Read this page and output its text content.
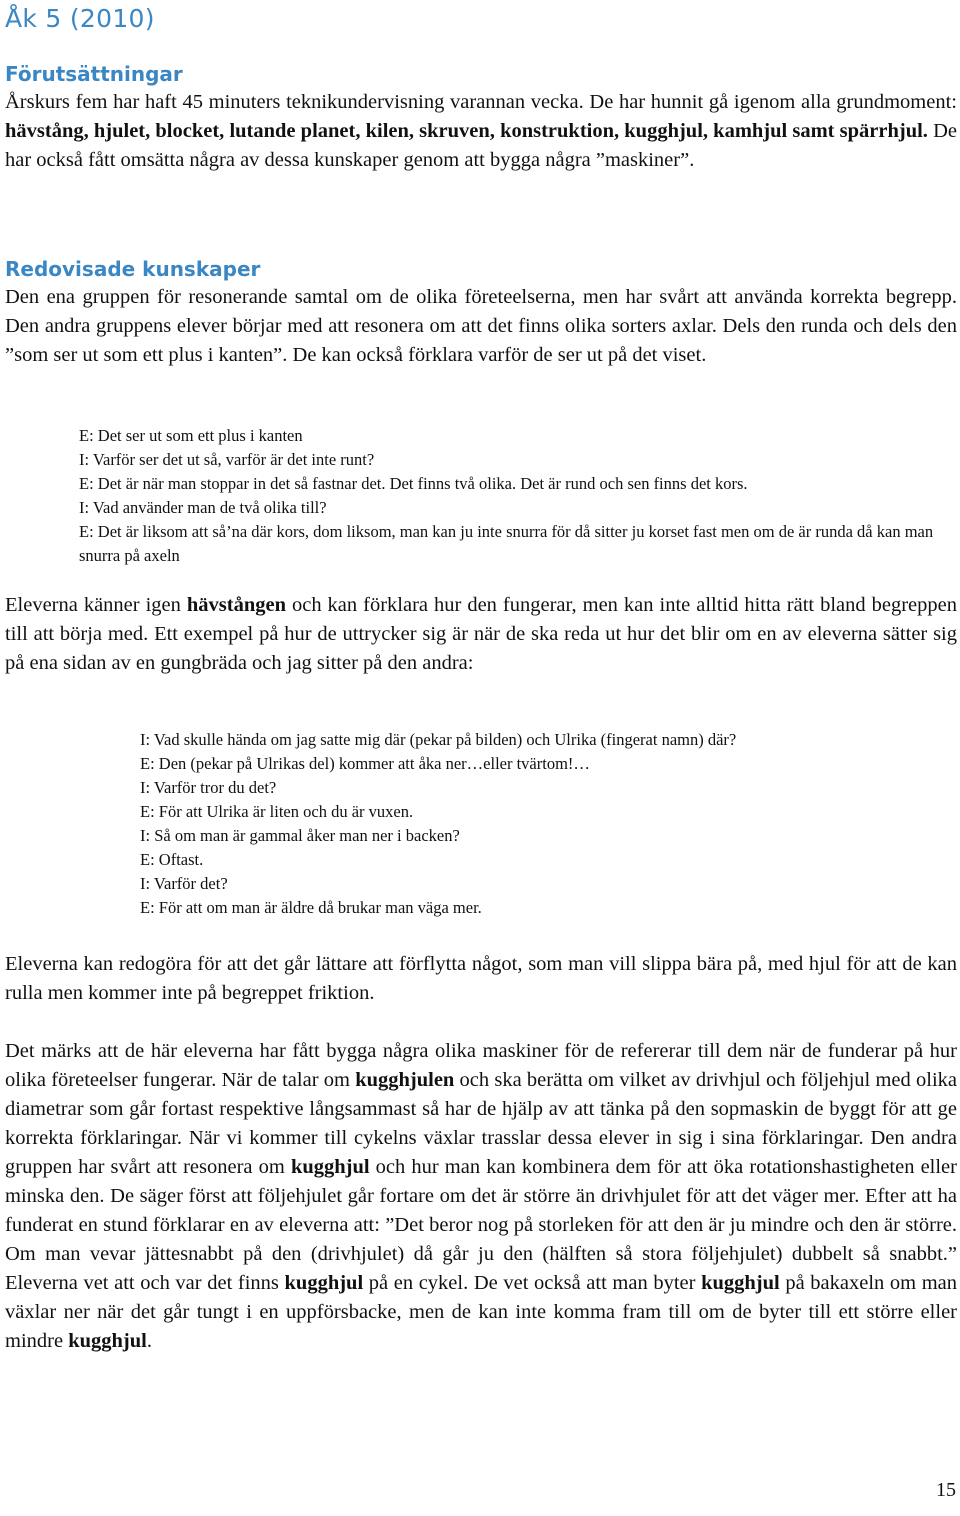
Åk 5 (2010)
Förutsättningar

Årskurs fem har haft 45 minuters teknikundervisning varannan vecka. De har hunnit gå igenom alla grundmoment: hävstång, hjulet, blocket, lutande planet, kilen, skruven, konstruktion, kugghjul, kamhjul samt spärrhjul. De har också fått omsätta några av dessa kunskaper genom att bygga några ”maskiner”.

Redovisade kunskaper

Den ena gruppen för resonerande samtal om de olika företeelserna, men har svårt att använda korrekta begrepp. Den andra gruppens elever börjar med att resonera om att det finns olika sorters axlar. Dels den runda och dels den ”som ser ut som ett plus i kanten”. De kan också förklara varför de ser ut på det viset.

E: Det ser ut som ett plus i kanten
I: Varför ser det ut så, varför är det inte runt?
E: Det är när man stoppar in det så fastnar det. Det finns två olika. Det är rund och sen finns det kors.
I: Vad använder man de två olika till?
E: Det är liksom att så’na där kors, dom liksom, man kan ju inte snurra för då sitter ju korset fast men om de är runda då kan man snurra på axeln

Eleverna känner igen hävstången och kan förklara hur den fungerar, men kan inte alltid hitta rätt bland begreppen till att börja med. Ett exempel på hur de uttrycker sig är när de ska reda ut hur det blir om en av eleverna sätter sig på ena sidan av en gungbräda och jag sitter på den andra:

I: Vad skulle hända om jag satte mig där (pekar på bilden) och Ulrika (fingerat namn) där?
E: Den (pekar på Ulrikas del) kommer att åka ner…eller tvärtom!…
I: Varför tror du det?
E: För att Ulrika är liten och du är vuxen.
I: Så om man är gammal åker man ner i backen?
E: Oftast.
I: Varför det?
E: För att om man är äldre då brukar man väga mer.

Eleverna kan redogöra för att det går lättare att förflytta något, som man vill slippa bära på, med hjul för att de kan rulla men kommer inte på begreppet friktion.

Det märks att de här eleverna har fått bygga några olika maskiner för de refererar till dem när de funderar på hur olika företeelser fungerar. När de talar om kugghjulen och ska berätta om vilket av drivhjul och följehjul med olika diametrar som går fortast respektive långsammast så har de hjälp av att tänka på den sopmaskin de byggt för att ge korrekta förklaringar. När vi kommer till cykelns växlar trasslar dessa elever in sig i sina förklaringar. Den andra gruppen har svårt att resonera om kugghjul och hur man kan kombinera dem för att öka rotationshastigheten eller minska den. De säger först att följehjulet går fortare om det är större än drivhjulet för att det väger mer. Efter att ha funderat en stund förklarar en av eleverna att: ”Det beror nog på storleken för att den är ju mindre och den är större. Om man vevar jättesnabbt på den (drivhjulet) då går ju den (hälften så stora följehjulet) dubbelt så snabbt.” Eleverna vet att och var det finns kugghjul på en cykel. De vet också att man byter kugghjul på bakaxeln om man växlar ner när det går tungt i en uppförsbacke, men de kan inte komma fram till om de byter till ett större eller mindre kugghjul.

15
